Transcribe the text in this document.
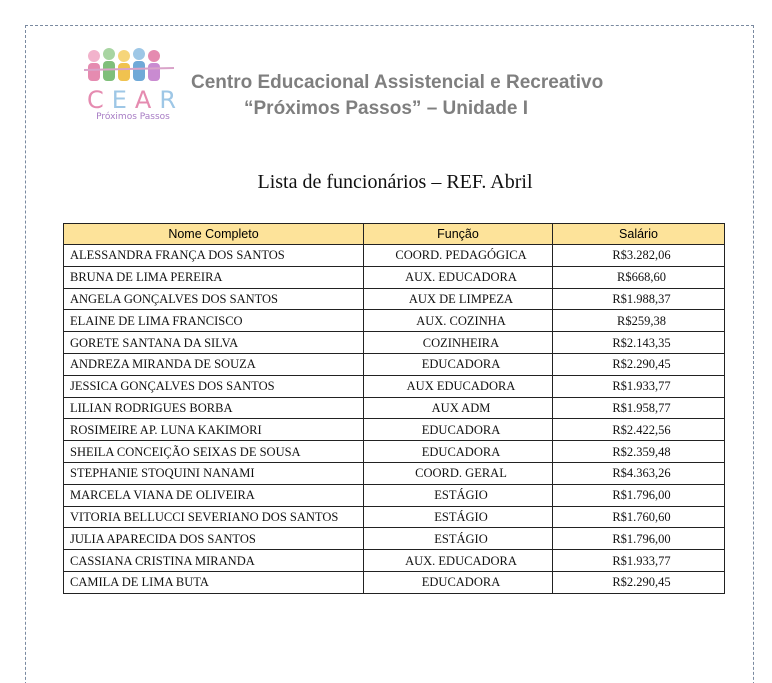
C E A R
Próximos Passos
Centro Educacional Assistencial e Recreativo
“Próximos Passos” – Unidade I
Lista de funcionários – REF. Abril
Nome Completo	Função	Salário
ALESSANDRA FRANÇA DOS SANTOS	COORD. PEDAGÓGICA	R$3.282,06
BRUNA DE LIMA PEREIRA	AUX. EDUCADORA	R$668,60
ANGELA GONÇALVES DOS SANTOS	AUX DE LIMPEZA	R$1.988,37
ELAINE DE LIMA FRANCISCO	AUX. COZINHA	R$259,38
GORETE SANTANA DA SILVA	COZINHEIRA	R$2.143,35
ANDREZA MIRANDA DE SOUZA	EDUCADORA	R$2.290,45
JESSICA GONÇALVES DOS SANTOS	AUX EDUCADORA	R$1.933,77
LILIAN RODRIGUES BORBA	AUX ADM	R$1.958,77
ROSIMEIRE AP. LUNA KAKIMORI	EDUCADORA	R$2.422,56
SHEILA CONCEIÇÃO SEIXAS DE SOUSA	EDUCADORA	R$2.359,48
STEPHANIE STOQUINI NANAMI	COORD. GERAL	R$4.363,26
MARCELA VIANA DE OLIVEIRA	ESTÁGIO	R$1.796,00
VITORIA BELLUCCI SEVERIANO DOS SANTOS	ESTÁGIO	R$1.760,60
JULIA APARECIDA DOS SANTOS	ESTÁGIO	R$1.796,00
CASSIANA CRISTINA MIRANDA	AUX. EDUCADORA	R$1.933,77
CAMILA DE LIMA BUTA	EDUCADORA	R$2.290,45
